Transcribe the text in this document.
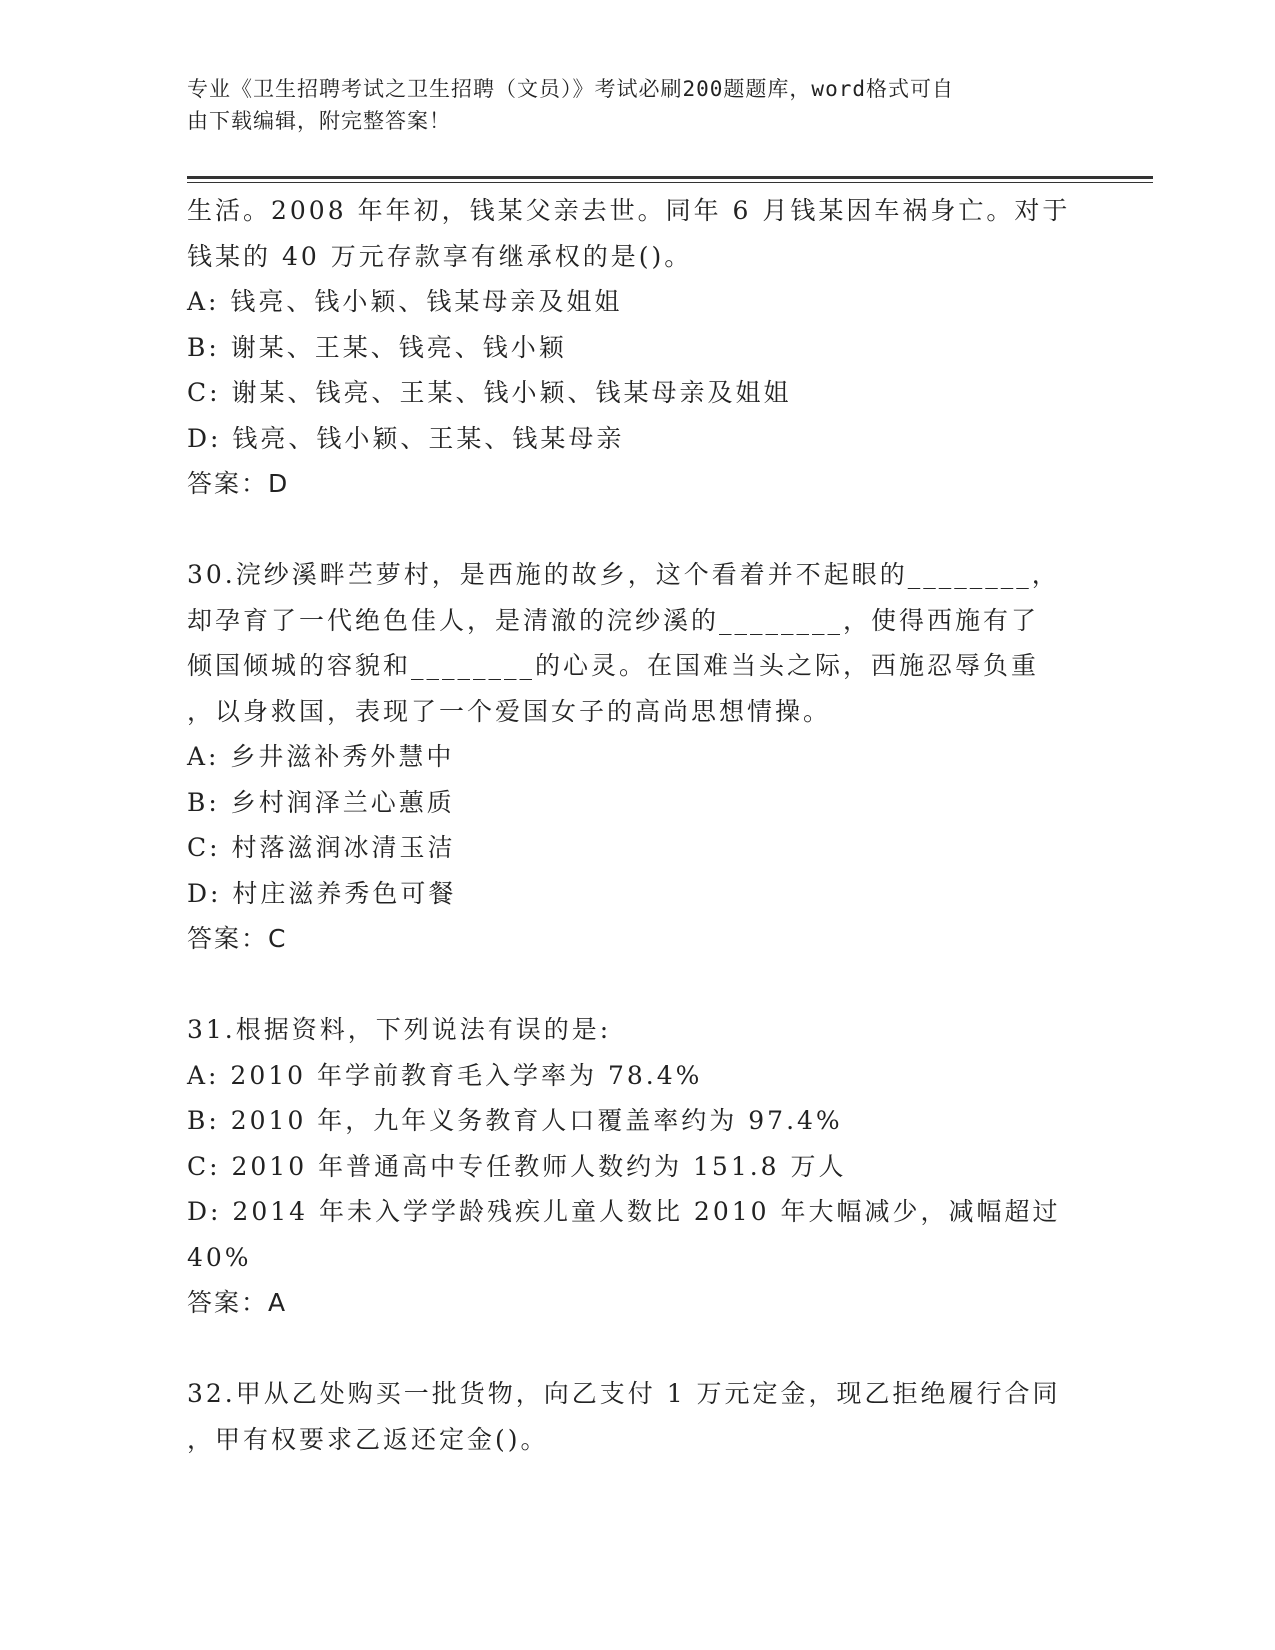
专业《卫生招聘考试之卫生招聘（文员）》考试必刷200题题库，word格式可自
由下载编辑，附完整答案！
生活。2008 年年初，钱某父亲去世。同年 6 月钱某因车祸身亡。对于
钱某的 40 万元存款享有继承权的是()。
A: 钱亮、钱小颖、钱某母亲及姐姐
B: 谢某、王某、钱亮、钱小颖
C: 谢某、钱亮、王某、钱小颖、钱某母亲及姐姐
D: 钱亮、钱小颖、王某、钱某母亲
答案：D
30.浣纱溪畔苎萝村，是西施的故乡，这个看着并不起眼的________，
却孕育了一代绝色佳人，是清澈的浣纱溪的________，使得西施有了
倾国倾城的容貌和________的心灵。在国难当头之际，西施忍辱负重
，以身救国，表现了一个爱国女子的高尚思想情操。
A: 乡井滋补秀外慧中
B: 乡村润泽兰心蕙质
C: 村落滋润冰清玉洁
D: 村庄滋养秀色可餐
答案：C
31.根据资料，下列说法有误的是:
A: 2010 年学前教育毛入学率为 78.4%
B: 2010 年，九年义务教育人口覆盖率约为 97.4%
C: 2010 年普通高中专任教师人数约为 151.8 万人
D: 2014 年未入学学龄残疾儿童人数比 2010 年大幅减少，减幅超过
40%
答案：A
32.甲从乙处购买一批货物，向乙支付 1 万元定金，现乙拒绝履行合同
，甲有权要求乙返还定金()。
